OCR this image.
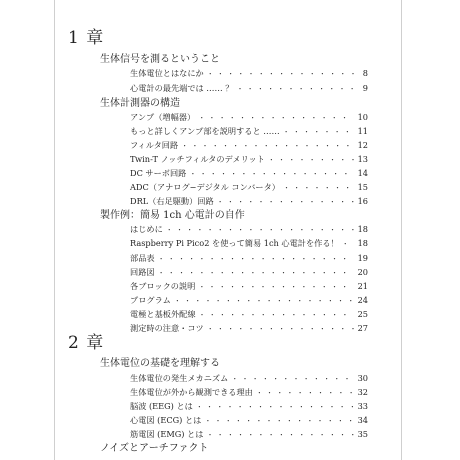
1 章
生体信号を測るということ
生体電位とはなにか ・・・・・・・・・・・・・・・・・・・・・・・・・・・・・・・・・・・・・・・・・・・・・・・・・・・	8
心電計の最先端では …… ？ ・・・・・・・・・・・・・・・・・・・・・・・・・・・・・・・・・・・・・・・・・・・・・・・・・・・	9
生体計測器の構造
アンプ（増幅器） ・・・・・・・・・・・・・・・・・・・・・・・・・・・・・・・・・・・・・・・・・・・・・・・・・・・	10
もっと詳しくアンプ部を説明すると …… ・・・・・・・・・・・・・・・・・・・・・・・・・・・・・・・・・・・・・・・・・・・・・・・・・・・	11
フィルタ回路 ・・・・・・・・・・・・・・・・・・・・・・・・・・・・・・・・・・・・・・・・・・・・・・・・・・・	12
Twin-T ノッチフィルタのデメリット ・・・・・・・・・・・・・・・・・・・・・・・・・・・・・・・・・・・・・・・・・・・・・・・・・・・	13
DC サーボ回路 ・・・・・・・・・・・・・・・・・・・・・・・・・・・・・・・・・・・・・・・・・・・・・・・・・・・	14
ADC（アナログ−デジタル コンバータ） ・・・・・・・・・・・・・・・・・・・・・・・・・・・・・・・・・・・・・・・・・・・・・・・・・・・	15
DRL（右足駆動）回路 ・・・・・・・・・・・・・・・・・・・・・・・・・・・・・・・・・・・・・・・・・・・・・・・・・・・	16
製作例：簡易 1ch 心電計の自作
はじめに ・・・・・・・・・・・・・・・・・・・・・・・・・・・・・・・・・・・・・・・・・・・・・・・・・・・	18
Raspberry Pi Pico2 を使って簡易 1ch 心電計を作る！ ・・・・・・・・・・・・・・・・・・・・・・・・・・・・・・・・・・・・・・・・・・・・・・・・・・・	18
部品表 ・・・・・・・・・・・・・・・・・・・・・・・・・・・・・・・・・・・・・・・・・・・・・・・・・・・	19
回路図 ・・・・・・・・・・・・・・・・・・・・・・・・・・・・・・・・・・・・・・・・・・・・・・・・・・・	20
各ブロックの説明 ・・・・・・・・・・・・・・・・・・・・・・・・・・・・・・・・・・・・・・・・・・・・・・・・・・・	21
プログラム ・・・・・・・・・・・・・・・・・・・・・・・・・・・・・・・・・・・・・・・・・・・・・・・・・・・	24
電極と基板外配線 ・・・・・・・・・・・・・・・・・・・・・・・・・・・・・・・・・・・・・・・・・・・・・・・・・・・	25
測定時の注意・コツ ・・・・・・・・・・・・・・・・・・・・・・・・・・・・・・・・・・・・・・・・・・・・・・・・・・・	27
2 章
生体電位の基礎を理解する
生体電位の発生メカニズム ・・・・・・・・・・・・・・・・・・・・・・・・・・・・・・・・・・・・・・・・・・・・・・・・・・・	30
生体電位が外から観測できる理由 ・・・・・・・・・・・・・・・・・・・・・・・・・・・・・・・・・・・・・・・・・・・・・・・・・・・	32
脳波 (EEG) とは ・・・・・・・・・・・・・・・・・・・・・・・・・・・・・・・・・・・・・・・・・・・・・・・・・・・	33
心電図 (ECG) とは ・・・・・・・・・・・・・・・・・・・・・・・・・・・・・・・・・・・・・・・・・・・・・・・・・・・	34
筋電図 (EMG) とは ・・・・・・・・・・・・・・・・・・・・・・・・・・・・・・・・・・・・・・・・・・・・・・・・・・・	35
ノイズとアーチファクト
